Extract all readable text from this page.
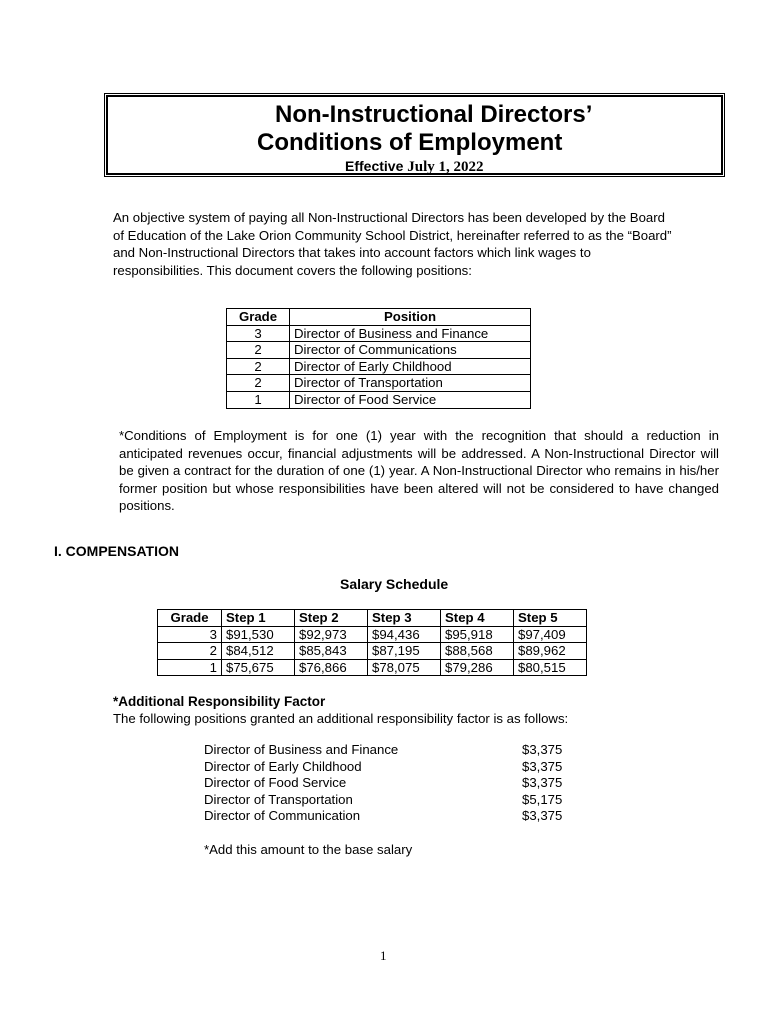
Non-Instructional Directors’
Conditions of Employment
Effective July 1, 2022

An objective system of paying all Non-Instructional Directors has been developed by the Board of Education of the Lake Orion Community School District, hereinafter referred to as the “Board” and Non-Instructional Directors that takes into account factors which link wages to responsibilities. This document covers the following positions:

Grade	Position
3	Director of Business and Finance
2	Director of Communications
2	Director of Early Childhood
2	Director of Transportation
1	Director of Food Service

*Conditions of Employment is for one (1) year with the recognition that should a reduction in anticipated revenues occur, financial adjustments will be addressed. A Non-Instructional Director will be given a contract for the duration of one (1) year. A Non-Instructional Director who remains in his/her former position but whose responsibilities have been altered will not be considered to have changed positions.

I. COMPENSATION
Salary Schedule
Grade	Step 1	Step 2	Step 3	Step 4	Step 5
3	$91,530	$92,973	$94,436	$95,918	$97,409
2	$84,512	$85,843	$87,195	$88,568	$89,962
1	$75,675	$76,866	$78,075	$79,286	$80,515

*Additional Responsibility Factor

The following positions granted an additional responsibility factor is as follows:

Director of Business and Finance	$3,375
Director of Early Childhood	$3,375
Director of Food Service	$3,375
Director of Transportation	$5,175
Director of Communication	$3,375

*Add this amount to the base salary

1
